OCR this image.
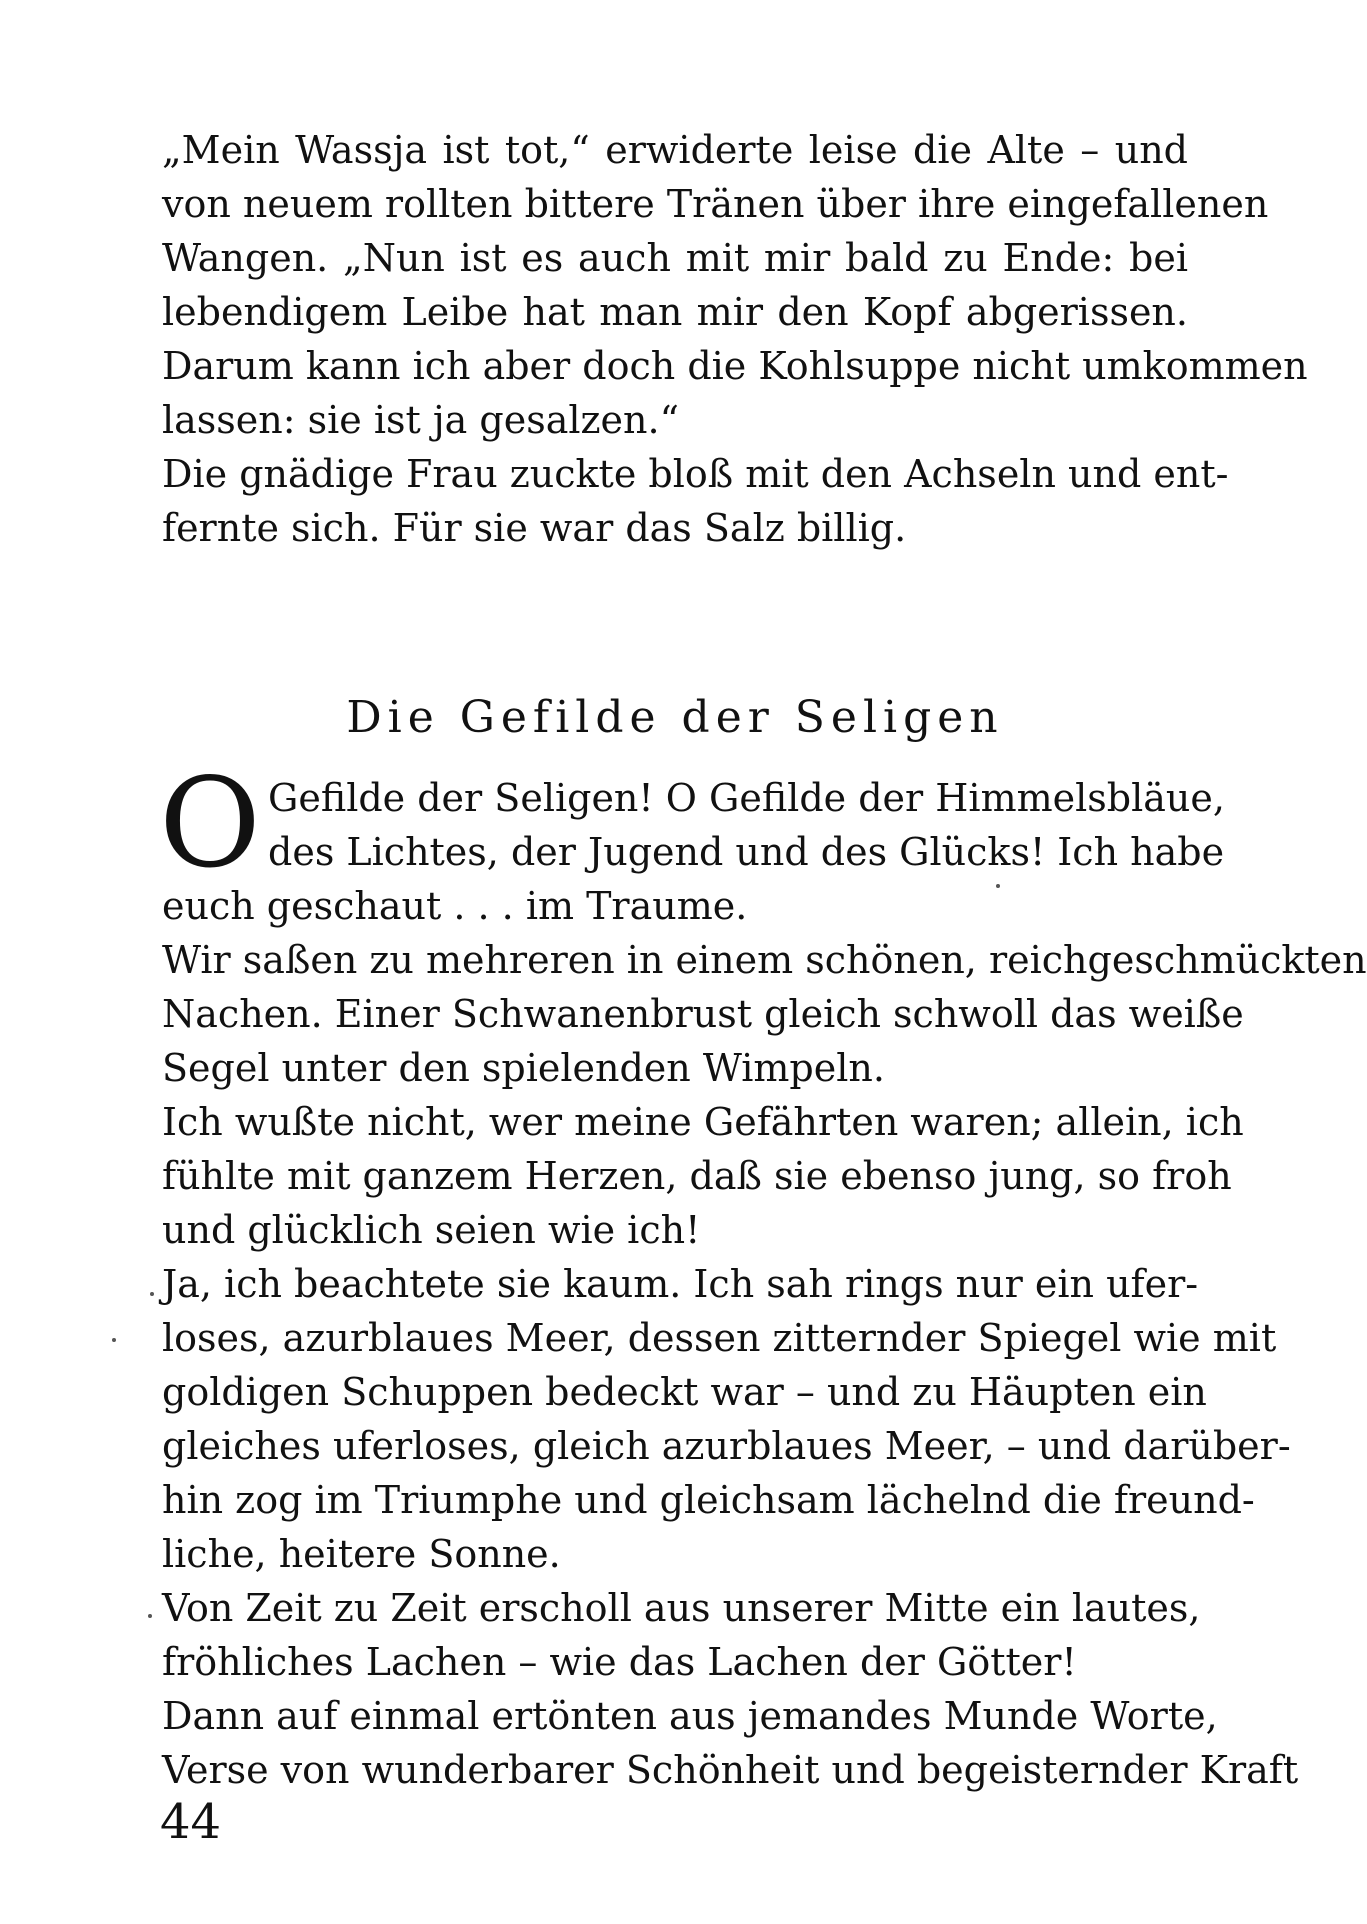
„Mein Wassja ist tot,“ erwiderte leise die Alte – und
von neuem rollten bittere Tränen über ihre eingefallenen
Wangen. „Nun ist es auch mit mir bald zu Ende: bei
lebendigem Leibe hat man mir den Kopf abgerissen.
Darum kann ich aber doch die Kohlsuppe nicht umkommen
lassen: sie ist ja gesalzen.“
Die gnädige Frau zuckte bloß mit den Achseln und ent-
fernte sich. Für sie war das Salz billig.
Die Gefilde der Seligen
O Gefilde der Seligen! O Gefilde der Himmelsbläue,
des Lichtes, der Jugend und des Glücks! Ich habe
euch geschaut . . . im Traume.
Wir saßen zu mehreren in einem schönen, reichgeschmückten
Nachen. Einer Schwanenbrust gleich schwoll das weiße
Segel unter den spielenden Wimpeln.
Ich wußte nicht, wer meine Gefährten waren; allein, ich
fühlte mit ganzem Herzen, daß sie ebenso jung, so froh
und glücklich seien wie ich!
Ja, ich beachtete sie kaum. Ich sah rings nur ein ufer-
loses, azurblaues Meer, dessen zitternder Spiegel wie mit
goldigen Schuppen bedeckt war – und zu Häupten ein
gleiches uferloses, gleich azurblaues Meer, – und darüber-
hin zog im Triumphe und gleichsam lächelnd die freund-
liche, heitere Sonne.
Von Zeit zu Zeit erscholl aus unserer Mitte ein lautes,
fröhliches Lachen – wie das Lachen der Götter!
Dann auf einmal ertönten aus jemandes Munde Worte,
Verse von wunderbarer Schönheit und begeisternder Kraft
44
